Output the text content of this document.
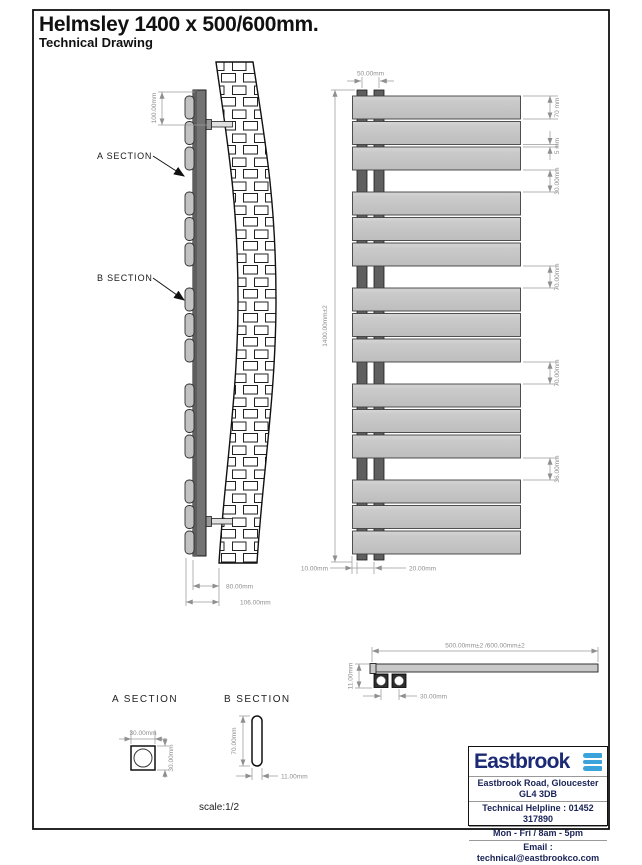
Helmsley 1400 x 500/600mm.
Technical Drawing
100.00mm
80.00mm
106.00mm
A SECTION
B SECTION
50.00mm
1400.00mm±2
70 mm
5 mm
30.00mm
70.00mm
70.00mm
36.00mm
10.00mm	20.00mm
500.00mm±2 /600.00mm±2
11.00mm
30.00mm
A SECTION
30.00mm
30.00mm
B SECTION
70.00mm
11.00mm
scale:1/2
Eastbrook
Eastbrook Road, Gloucester GL4 3DB
Technical Helpline : 01452 317890
Mon - Fri / 8am - 5pm
Email : technical@eastbrookco.com
